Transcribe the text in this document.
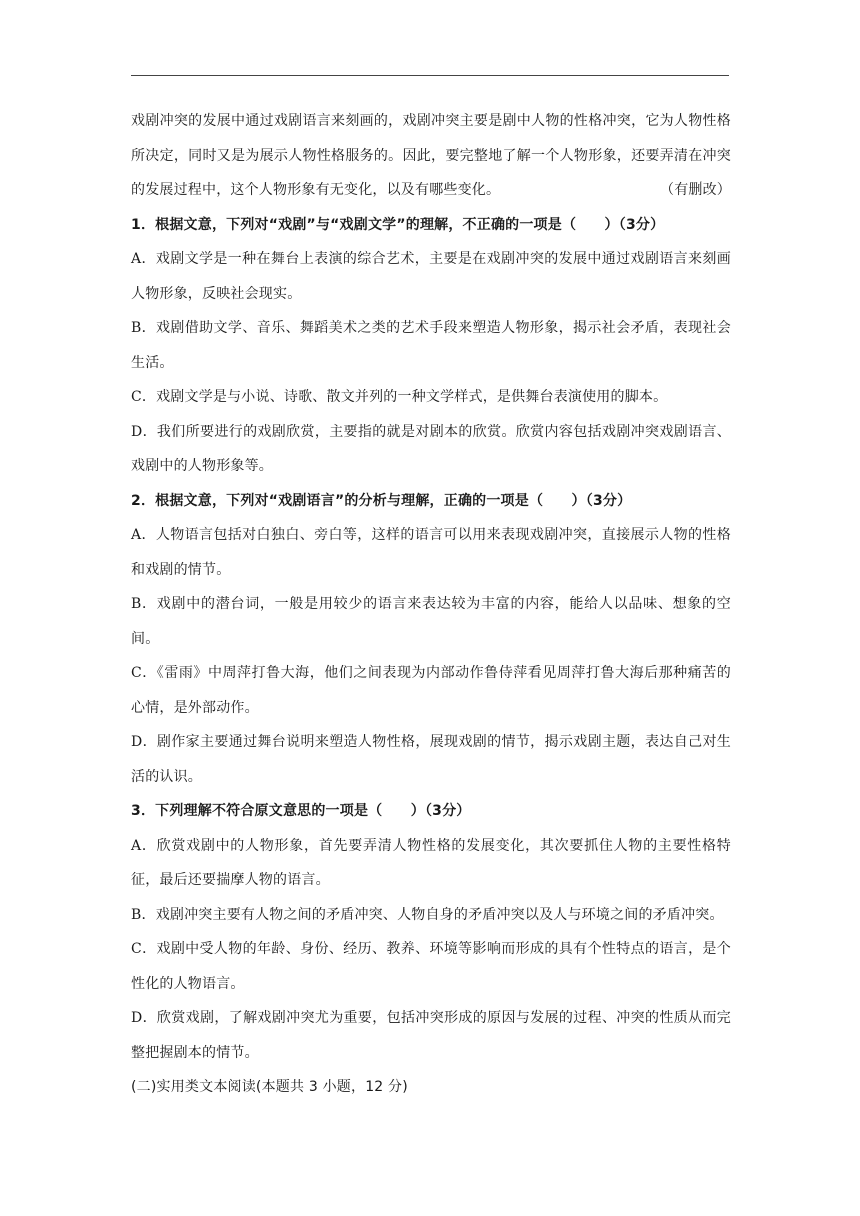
戏剧冲突的发展中通过戏剧语言来刻画的，戏剧冲突主要是剧中人物的性格冲突，它为人物性格所决定，同时又是为展示人物性格服务的。因此，要完整地了解一个人物形象，还要弄清在冲突的发展过程中，这个人物形象有无变化，以及有哪些变化。	（有删改）

1．根据文意，下列对“戏剧”与“戏剧文学”的理解，不正确的一项是（　　）（3分）

A．戏剧文学是一种在舞台上表演的综合艺术，主要是在戏剧冲突的发展中通过戏剧语言来刻画人物形象，反映社会现实。

B．戏剧借助文学、音乐、舞蹈美术之类的艺术手段来塑造人物形象，揭示社会矛盾，表现社会生活。

C．戏剧文学是与小说、诗歌、散文并列的一种文学样式，是供舞台表演使用的脚本。

D．我们所要进行的戏剧欣赏，主要指的就是对剧本的欣赏。欣赏内容包括戏剧冲突戏剧语言、戏剧中的人物形象等。

2．根据文意，下列对“戏剧语言”的分析与理解，正确的一项是（　　）（3分）

A．人物语言包括对白独白、旁白等，这样的语言可以用来表现戏剧冲突，直接展示人物的性格和戏剧的情节。

B．戏剧中的潜台词，一般是用较少的语言来表达较为丰富的内容，能给人以品味、想象的空间。

C．《雷雨》中周萍打鲁大海，他们之间表现为内部动作鲁侍萍看见周萍打鲁大海后那种痛苦的心情，是外部动作。

D．剧作家主要通过舞台说明来塑造人物性格，展现戏剧的情节，揭示戏剧主题，表达自己对生活的认识。

3．下列理解不符合原文意思的一项是（　　）（3分）

A．欣赏戏剧中的人物形象，首先要弄清人物性格的发展变化，其次要抓住人物的主要性格特征，最后还要揣摩人物的语言。

B．戏剧冲突主要有人物之间的矛盾冲突、人物自身的矛盾冲突以及人与环境之间的矛盾冲突。

C．戏剧中受人物的年龄、身份、经历、教养、环境等影响而形成的具有个性特点的语言，是个性化的人物语言。

D．欣赏戏剧，了解戏剧冲突尤为重要，包括冲突形成的原因与发展的过程、冲突的性质从而完整把握剧本的情节。

(二)实用类文本阅读(本题共 3 小题，12 分)
